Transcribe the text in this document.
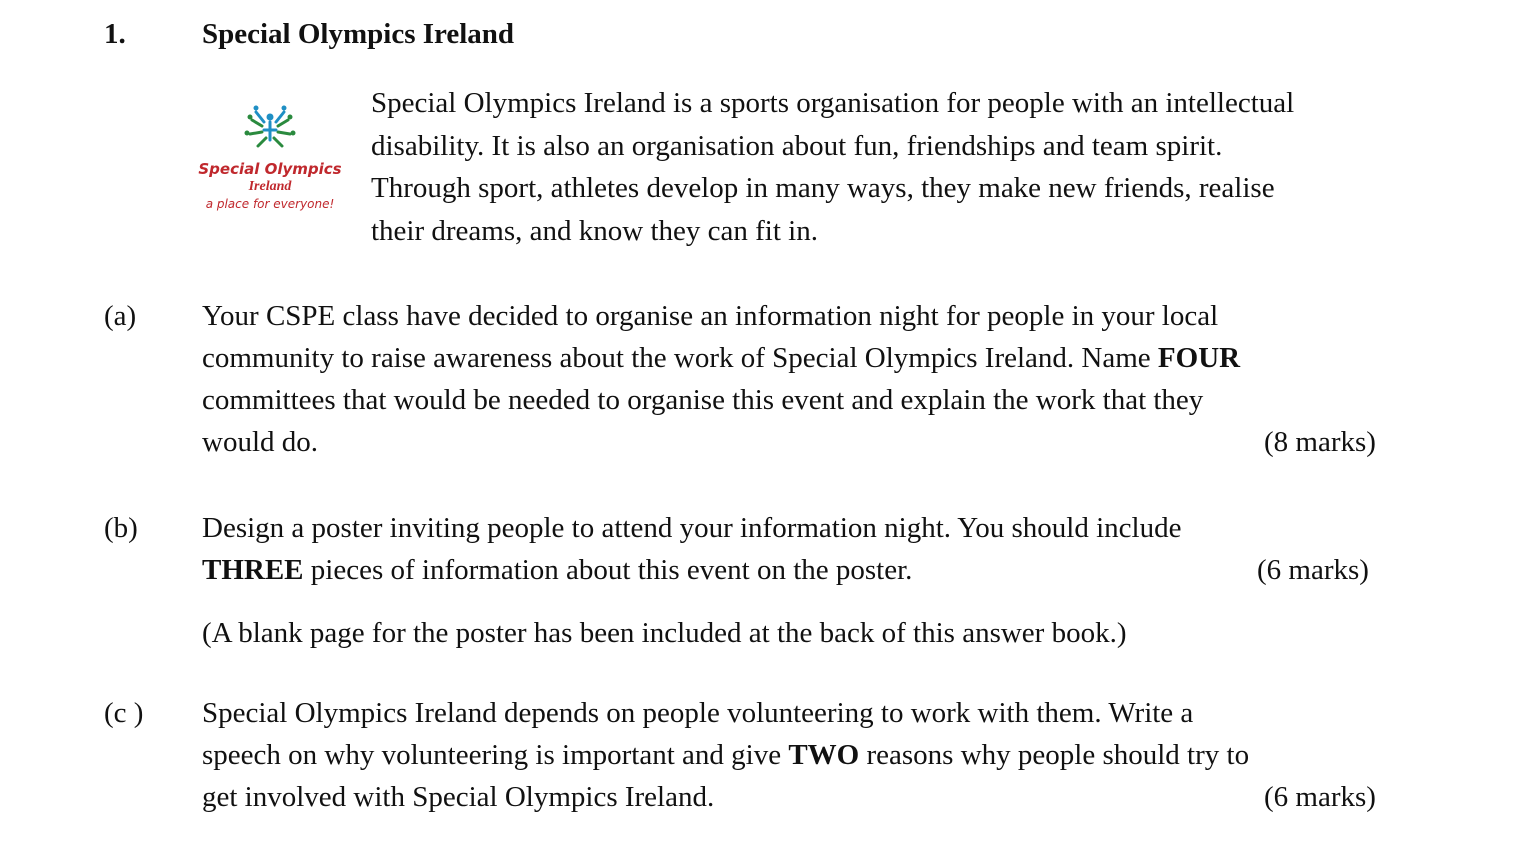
1.	Special Olympics Ireland
Special Olympics
Ireland
a place for everyone!
Special Olympics Ireland is a sports organisation for people with an intellectual
disability. It is also an organisation about fun, friendships and team spirit.
Through sport, athletes develop in many ways, they make new friends, realise
their dreams, and know they can fit in.
(a) Your CSPE class have decided to organise an information night for people in your local
community to raise awareness about the work of Special Olympics Ireland. Name FOUR
committees that would be needed to organise this event and explain the work that they
would do.	(8 marks)
(b) Design a poster inviting people to attend your information night. You should include
THREE pieces of information about this event on the poster.	(6 marks)
(A blank page for the poster has been included at the back of this answer book.)
(c ) Special Olympics Ireland depends on people volunteering to work with them. Write a
speech on why volunteering is important and give TWO reasons why people should try to
get involved with Special Olympics Ireland.	(6 marks)
